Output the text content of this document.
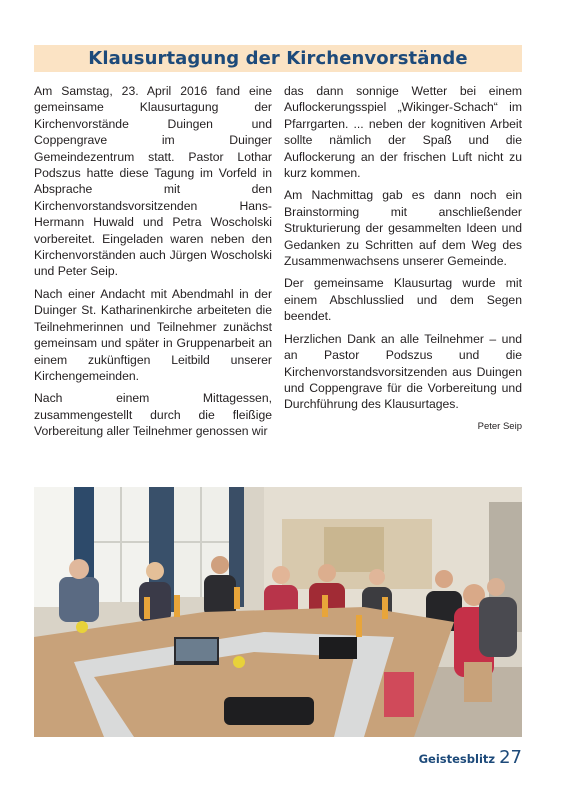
Klausurtagung der Kirchenvorstände

Am Samstag, 23. April 2016 fand eine gemeinsame Klausurtagung der Kirchenvorstände Duingen und Coppengrave im Duinger Gemeindezentrum statt. Pastor Lothar Podszus hatte diese Tagung im Vorfeld in Absprache mit den Kirchenvorstandsvorsitzenden Hans-Hermann Huwald und Petra Woscholski vorbereitet. Eingeladen waren neben den Kirchenvorständen auch Jürgen Woscholski und Peter Seip.

Nach einer Andacht mit Abendmahl in der Duinger St. Katharinenkirche arbeiteten die Teilnehmerinnen und Teilnehmer zunächst gemeinsam und später in Gruppenarbeit an einem zukünftigen Leitbild unserer Kirchengemeinden.

Nach einem Mittagessen, zusammengestellt durch die fleißige Vorbereitung aller Teilnehmer genossen wir

das dann sonnige Wetter bei einem Auflockerungsspiel „Wikinger-Schach“ im Pfarrgarten. ... neben der kognitiven Arbeit sollte nämlich der Spaß und die Auflockerung an der frischen Luft nicht zu kurz kommen.

Am Nachmittag gab es dann noch ein Brainstorming mit anschließender Strukturierung der gesammelten Ideen und Gedanken zu Schritten auf dem Weg des Zusammenwachsens unserer Gemeinde.

Der gemeinsame Klausurtag wurde mit einem Abschlusslied und dem Segen beendet.

Herzlichen Dank an alle Teilnehmer – und an Pastor Podszus und die Kirchenvorstandsvorsitzenden aus Duingen und Coppengrave für die Vorbereitung und Durchführung des Klausurtages.

Peter Seip
Geistesblitz 27
